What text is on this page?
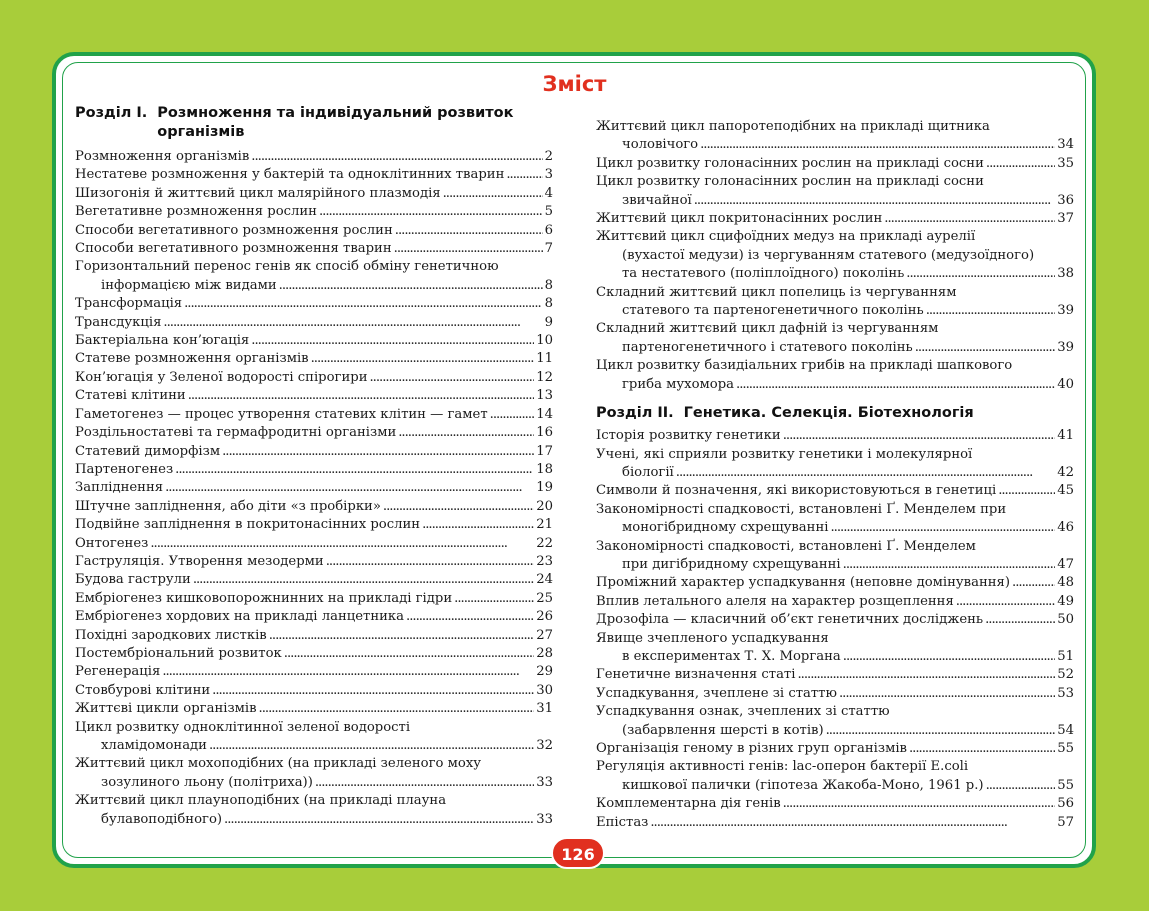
Зміст
Розділ I. Розмноження та індивідуальний розвиток організмів
Розмноження організмів . . .	2
Нестатеве розмноження у бактерій та одноклітинних тварин . . .	3
Шизогонія й життєвий цикл малярійного плазмодія . . .	4
Вегетативне розмноження рослин . . .	5
Способи вегетативного розмноження рослин . . .	6
Способи вегетативного розмноження тварин . . .	7
Горизонтальний перенос генів як спосіб обміну генетичною
інформацією між видами . . .	8
Трансформація . . .	8
Трансдукція . . .	9
Бактеріальна кон’югація . . .	10
Статеве розмноження організмів . . .	11
Кон’югація у Зеленої водорості спірогири . . .	12
Статеві клітини . . .	13
Гаметогенез — процес утворення статевих клітин — гамет . . .	14
Роздільностатеві та гермафродитні організми . . .	16
Статевий диморфізм . . .	17
Партеногенез . . .	18
Запліднення . . .	19
Штучне запліднення, або діти «з пробірки» . . .	20
Подвійне запліднення в покритонасінних рослин . . .	21
Онтогенез . . .	22
Гаструляція. Утворення мезодерми . . .	23
Будова гаструли . . .	24
Ембріогенез кишковопорожнинних на прикладі гідри . . .	25
Ембріогенез хордових на прикладі ланцетника . . .	26
Похідні зародкових листків . . .	27
Постембріональний розвиток . . .	28
Регенерація . . .	29
Стовбурові клітини . . .	30
Життєві цикли організмів . . .	31
Цикл розвитку одноклітинної зеленої водорості
хламідомонади . . .	32
Життєвий цикл мохоподібних (на прикладі зеленого моху
зозулиного льону (політриха)) . . .	33
Життєвий цикл плауноподібних (на прикладі плауна
булавоподібного) . . .	33
Життєвий цикл папоротеподібних на прикладі щитника
чоловічого . . .	34
Цикл розвитку голонасінних рослин на прикладі сосни . . .	35
Цикл розвитку голонасінних рослин на прикладі сосни
звичайної . . .	36
Життєвий цикл покритонасінних рослин . . .	37
Життєвий цикл сцифоїдних медуз на прикладі аурелії
(вухастої медузи) із чергуванням статевого (медузоїдного)
та нестатевого (поліплоїдного) поколінь . . .	38
Складний життєвий цикл попелиць із чергуванням
статевого та партеногенетичного поколінь . . .	39
Складний життєвий цикл дафній із чергуванням
партеногенетичного і статевого поколінь . . .	39
Цикл розвитку базидіальних грибів на прикладі шапкового
гриба мухомора . . .	40
Розділ II. Генетика. Селекція. Біотехнологія
Історія розвитку генетики . . .	41
Учені, які сприяли розвитку генетики і молекулярної
біології . . .	42
Символи й позначення, які використовуються в генетиці . . .	45
Закономірності спадковості, встановлені Ґ. Менделем при
моногібридному схрещуванні . . .	46
Закономірності спадковості, встановлені Ґ. Менделем
при дигібридному схрещуванні . . .	47
Проміжний характер успадкування (неповне домінування) . . .	48
Вплив летального алеля на характер розщеплення . . .	49
Дрозофіла — класичний об’єкт генетичних досліджень . . .	50
Явище зчепленого успадкування
в експериментах Т. Х. Моргана . . .	51
Генетичне визначення статі . . .	52
Успадкування, зчеплене зі статтю . . .	53
Успадкування ознак, зчеплених зі статтю
(забарвлення шерсті в котів) . . .	54
Організація геному в різних груп організмів . . .	55
Регуляція активності генів: lac-оперон бактерії E.coli
кишкової палички (гіпотеза Жакоба-Моно, 1961 р.) . . .	55
Комплементарна дія генів . . .	56
Епістаз . . .	57
126
